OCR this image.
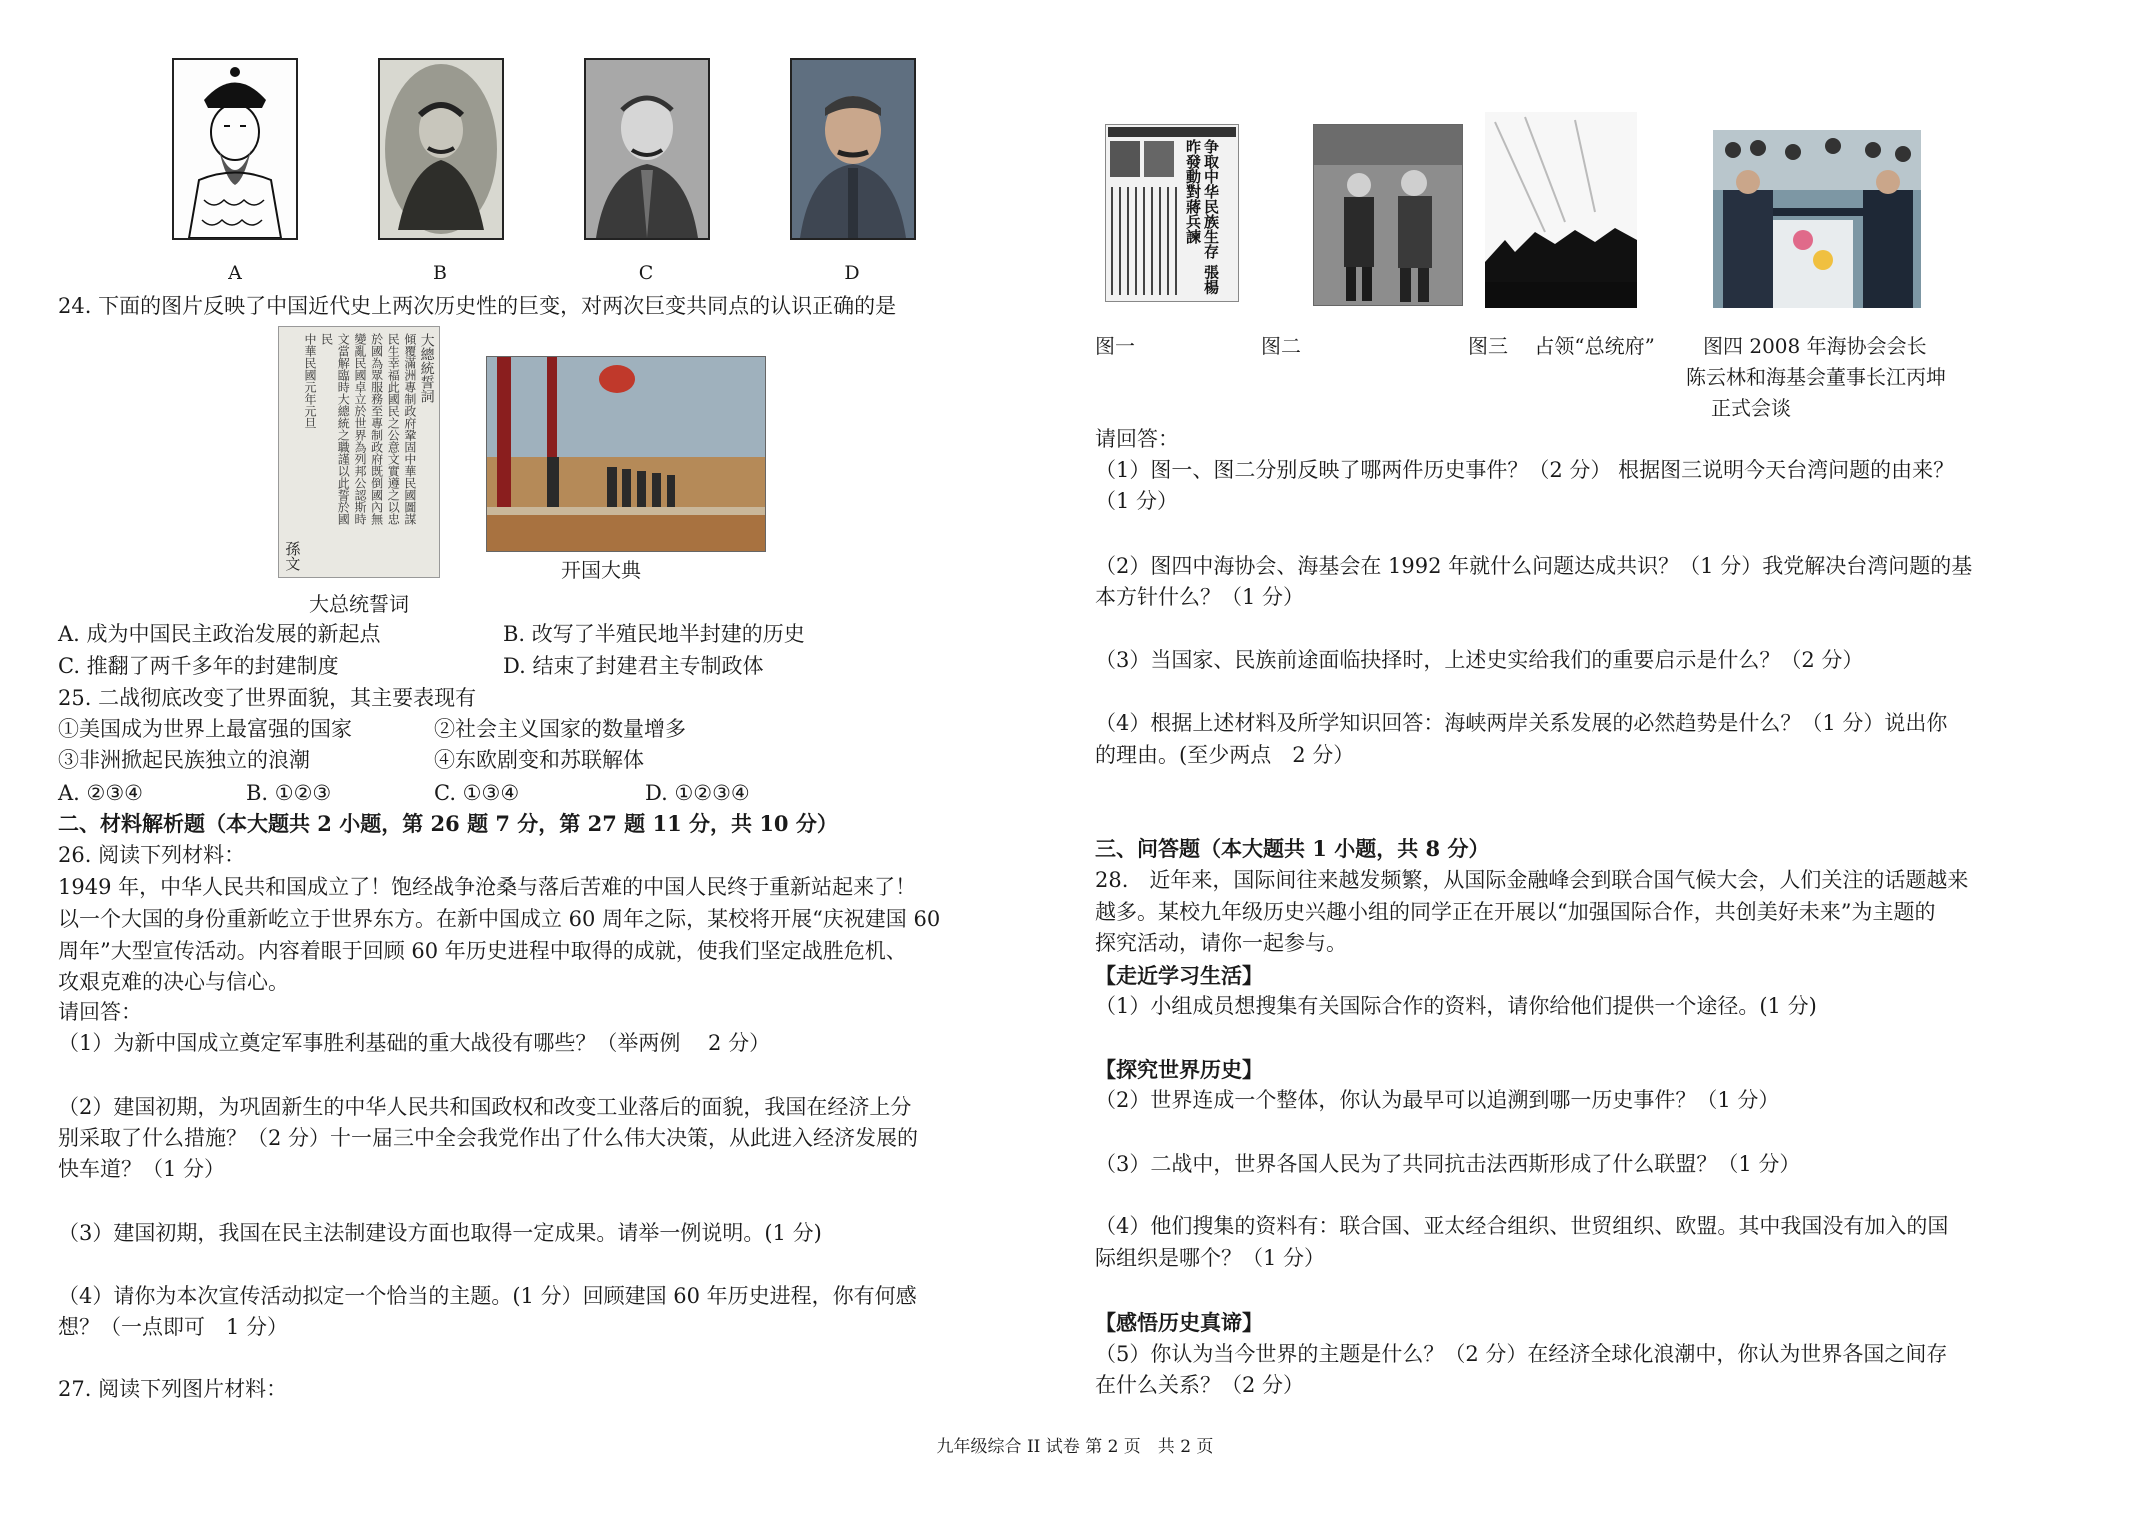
A	B	C	D
24. 下面的图片反映了中国近代史上两次历史性的巨变，对两次巨变共同点的认识正确的是
大總統誓詞
傾覆滿洲專制政府鞏固中華民國圖謀
民生幸福此國民之公意文實遵之以忠
於國為眾服務至專制政府既倒國內無
變亂民國卓立於世界為列邦公認斯時
文當解臨時大總統之職謹以此誓於國
民
中華民國元年元旦
孫文
大总统誓词
开国大典
A. 成为中国民主政治发展的新起点	B. 改写了半殖民地半封建的历史
C. 推翻了两千多年的封建制度	D. 结束了封建君主专制政体
25. 二战彻底改变了世界面貌，其主要表现有
①美国成为世界上最富强的国家	②社会主义国家的数量增多
③非洲掀起民族独立的浪潮	④东欧剧变和苏联解体
A. ②③④	B. ①②③	C. ①③④	D. ①②③④
二、材料解析题（本大题共 2 小题，第 26 题 7 分，第 27 题 11 分，共 10 分）
26. 阅读下列材料：
1949 年，中华人民共和国成立了！饱经战争沧桑与落后苦难的中国人民终于重新站起来了！
以一个大国的身份重新屹立于世界东方。在新中国成立 60 周年之际，某校将开展“庆祝建国 60
周年”大型宣传活动。内容着眼于回顾 60 年历史进程中取得的成就，使我们坚定战胜危机、
攻艰克难的决心与信心。
请回答：
（1）为新中国成立奠定军事胜利基础的重大战役有哪些？（举两例　 2 分）
（2）建国初期，为巩固新生的中华人民共和国政权和改变工业落后的面貌，我国在经济上分
别采取了什么措施？（2 分）十一届三中全会我党作出了什么伟大决策，从此进入经济发展的
快车道？（1 分）
（3）建国初期，我国在民主法制建设方面也取得一定成果。请举一例说明。(1 分)
（4）请你为本次宣传活动拟定一个恰当的主题。(1 分）回顾建国 60 年历史进程，你有何感
想？（一点即可　1 分）
27. 阅读下列图片材料：
争取中华民族生存 張楊昨發動對蔣兵諫
图一	图二	图三　 占领“总统府”	图四 2008 年海协会会长
陈云林和海基会董事长江丙坤
正式会谈
请回答：
（1）图一、图二分别反映了哪两件历史事件？（2 分） 根据图三说明今天台湾问题的由来？
（1 分）
（2）图四中海协会、海基会在 1992 年就什么问题达成共识？（1 分）我党解决台湾问题的基
本方针什么？（1 分）
（3）当国家、民族前途面临抉择时，上述史实给我们的重要启示是什么？（2 分）
（4）根据上述材料及所学知识回答：海峡两岸关系发展的必然趋势是什么？（1 分）说出你
的理由。(至少两点　2 分）
三、问答题（本大题共 1 小题，共 8 分）
28.　近年来，国际间往来越发频繁，从国际金融峰会到联合国气候大会，人们关注的话题越来
越多。某校九年级历史兴趣小组的同学正在开展以“加强国际合作，共创美好未来”为主题的
探究活动，请你一起参与。
【走近学习生活】
（1）小组成员想搜集有关国际合作的资料，请你给他们提供一个途径。(1 分)
【探究世界历史】
（2）世界连成一个整体，你认为最早可以追溯到哪一历史事件？（1 分）
（3）二战中，世界各国人民为了共同抗击法西斯形成了什么联盟？（1 分）
（4）他们搜集的资料有：联合国、亚太经合组织、世贸组织、欧盟。其中我国没有加入的国
际组织是哪个？（1 分）
【感悟历史真谛】
（5）你认为当今世界的主题是什么？（2 分）在经济全球化浪潮中，你认为世界各国之间存
在什么关系？（2 分）
九年级综合 II 试卷 第 2 页　共 2 页
